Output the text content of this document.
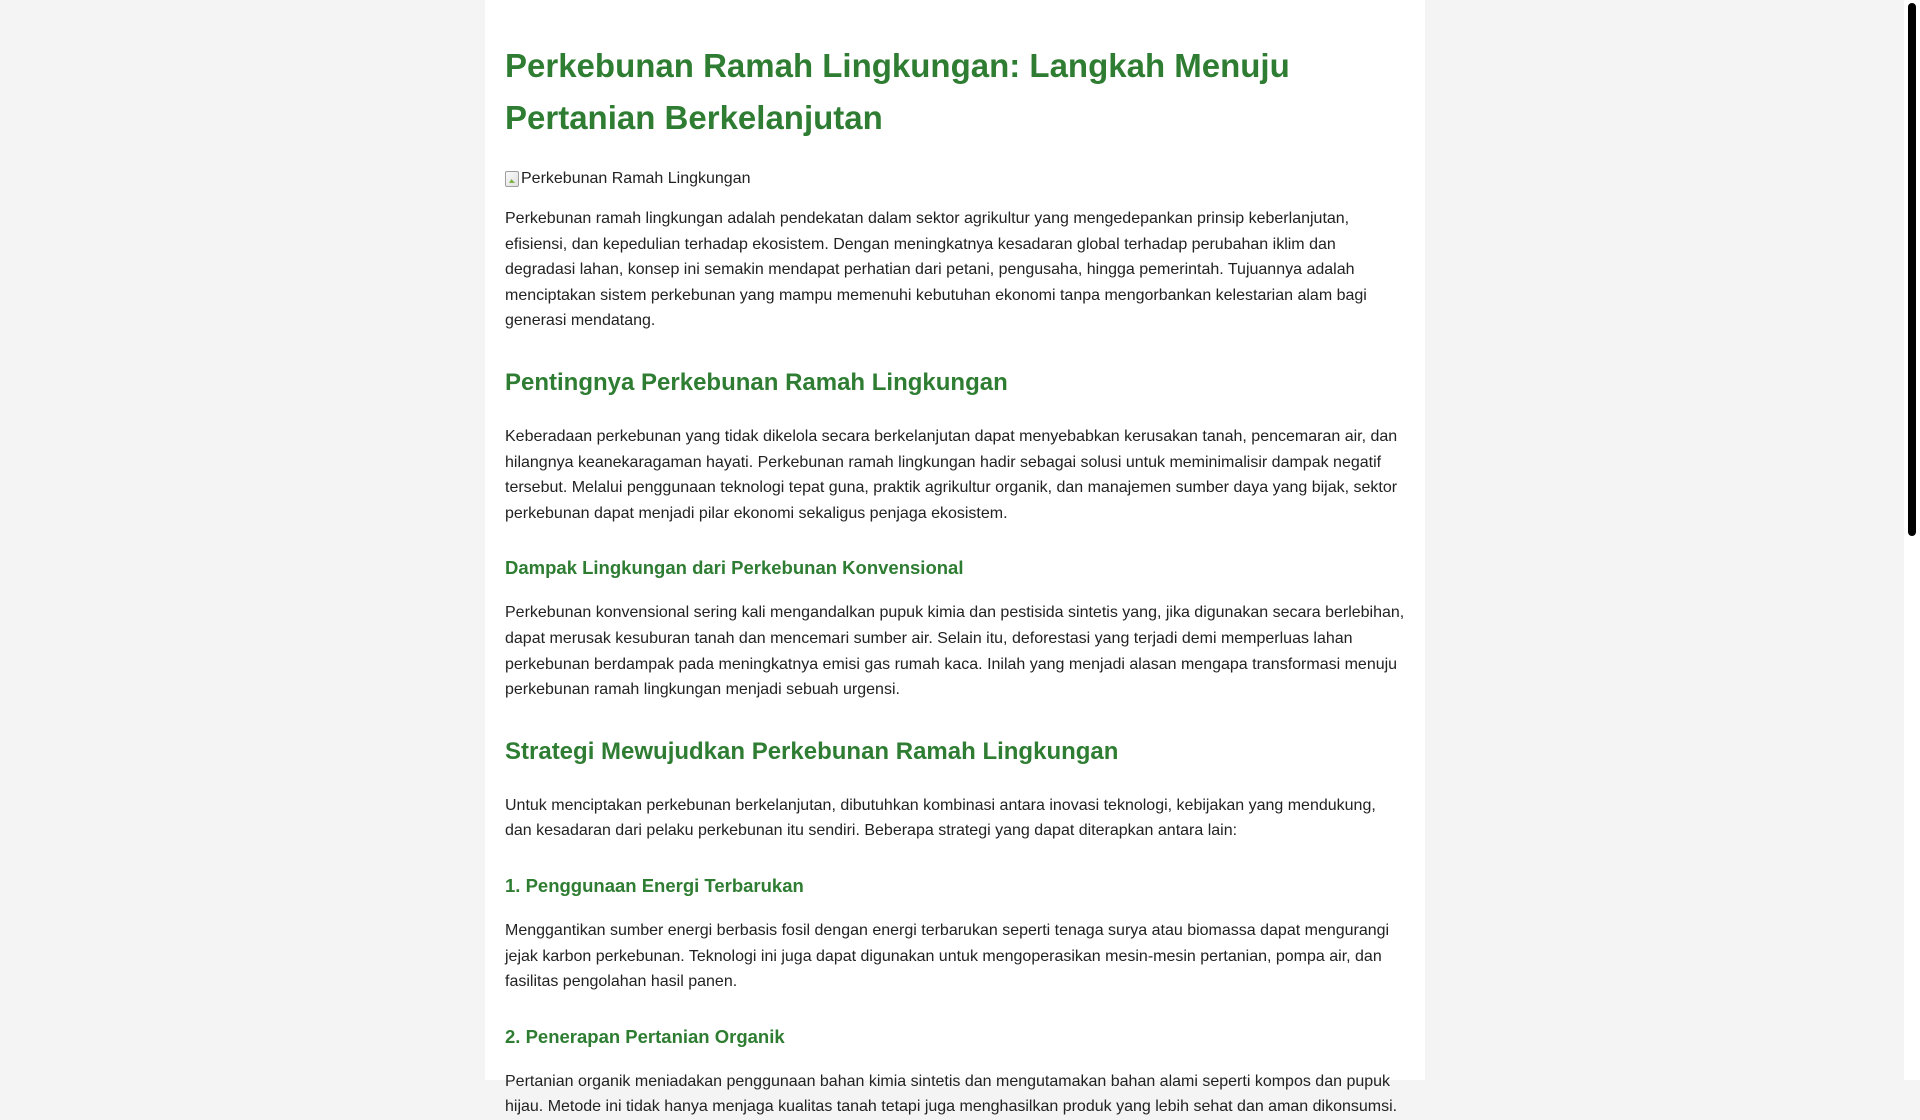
Perkebunan Ramah Lingkungan: Langkah Menuju Pertanian Berkelanjutan
Perkebunan Ramah Lingkungan

Perkebunan ramah lingkungan adalah pendekatan dalam sektor agrikultur yang mengedepankan prinsip keberlanjutan, efisiensi, dan kepedulian terhadap ekosistem. Dengan meningkatnya kesadaran global terhadap perubahan iklim dan degradasi lahan, konsep ini semakin mendapat perhatian dari petani, pengusaha, hingga pemerintah. Tujuannya adalah menciptakan sistem perkebunan yang mampu memenuhi kebutuhan ekonomi tanpa mengorbankan kelestarian alam bagi generasi mendatang.

Pentingnya Perkebunan Ramah Lingkungan

Keberadaan perkebunan yang tidak dikelola secara berkelanjutan dapat menyebabkan kerusakan tanah, pencemaran air, dan hilangnya keanekaragaman hayati. Perkebunan ramah lingkungan hadir sebagai solusi untuk meminimalisir dampak negatif tersebut. Melalui penggunaan teknologi tepat guna, praktik agrikultur organik, dan manajemen sumber daya yang bijak, sektor perkebunan dapat menjadi pilar ekonomi sekaligus penjaga ekosistem.

Dampak Lingkungan dari Perkebunan Konvensional

Perkebunan konvensional sering kali mengandalkan pupuk kimia dan pestisida sintetis yang, jika digunakan secara berlebihan, dapat merusak kesuburan tanah dan mencemari sumber air. Selain itu, deforestasi yang terjadi demi memperluas lahan perkebunan berdampak pada meningkatnya emisi gas rumah kaca. Inilah yang menjadi alasan mengapa transformasi menuju perkebunan ramah lingkungan menjadi sebuah urgensi.

Strategi Mewujudkan Perkebunan Ramah Lingkungan

Untuk menciptakan perkebunan berkelanjutan, dibutuhkan kombinasi antara inovasi teknologi, kebijakan yang mendukung, dan kesadaran dari pelaku perkebunan itu sendiri. Beberapa strategi yang dapat diterapkan antara lain:

1. Penggunaan Energi Terbarukan

Menggantikan sumber energi berbasis fosil dengan energi terbarukan seperti tenaga surya atau biomassa dapat mengurangi jejak karbon perkebunan. Teknologi ini juga dapat digunakan untuk mengoperasikan mesin-mesin pertanian, pompa air, dan fasilitas pengolahan hasil panen.

2. Penerapan Pertanian Organik

Pertanian organik meniadakan penggunaan bahan kimia sintetis dan mengutamakan bahan alami seperti kompos dan pupuk hijau. Metode ini tidak hanya menjaga kualitas tanah tetapi juga menghasilkan produk yang lebih sehat dan aman dikonsumsi.
